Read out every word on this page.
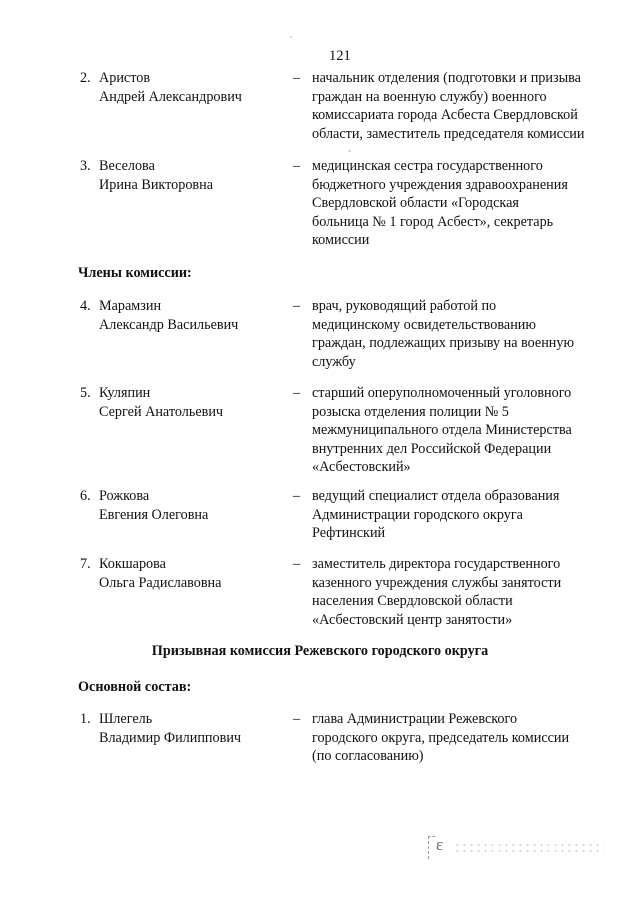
121
2. Аристов
Андрей Александрович
– начальник отделения (подготовки и призыва
граждан на военную службу) военного
комиссариата города Асбеста Свердловской
области, заместитель председателя комиссии
3. Веселова
Ирина Викторовна
– медицинская сестра государственного
бюджетного учреждения здравоохранения
Свердловской области «Городская
больница № 1 город Асбест», секретарь
комиссии
Члены комиссии:
4. Марамзин
Александр Васильевич
– врач, руководящий работой по
медицинскому освидетельствованию
граждан, подлежащих призыву на военную
службу
5. Куляпин
Сергей Анатольевич
– старший оперуполномоченный уголовного
розыска отделения полиции № 5
межмуниципального отдела Министерства
внутренних дел Российской Федерации
«Асбестовский»
6. Рожкова
Евгения Олеговна
– ведущий специалист отдела образования
Администрации городского округа
Рефтинский
7. Кокшарова
Ольга Радиславовна
– заместитель директора государственного
казенного учреждения службы занятости
населения Свердловской области
«Асбестовский центр занятости»
Призывная комиссия Режевского городского округа
Основной состав:
1. Шлегель
Владимир Филиппович
– глава Администрации Режевского
городского округа, председатель комиссии
(по согласованию)
ε
